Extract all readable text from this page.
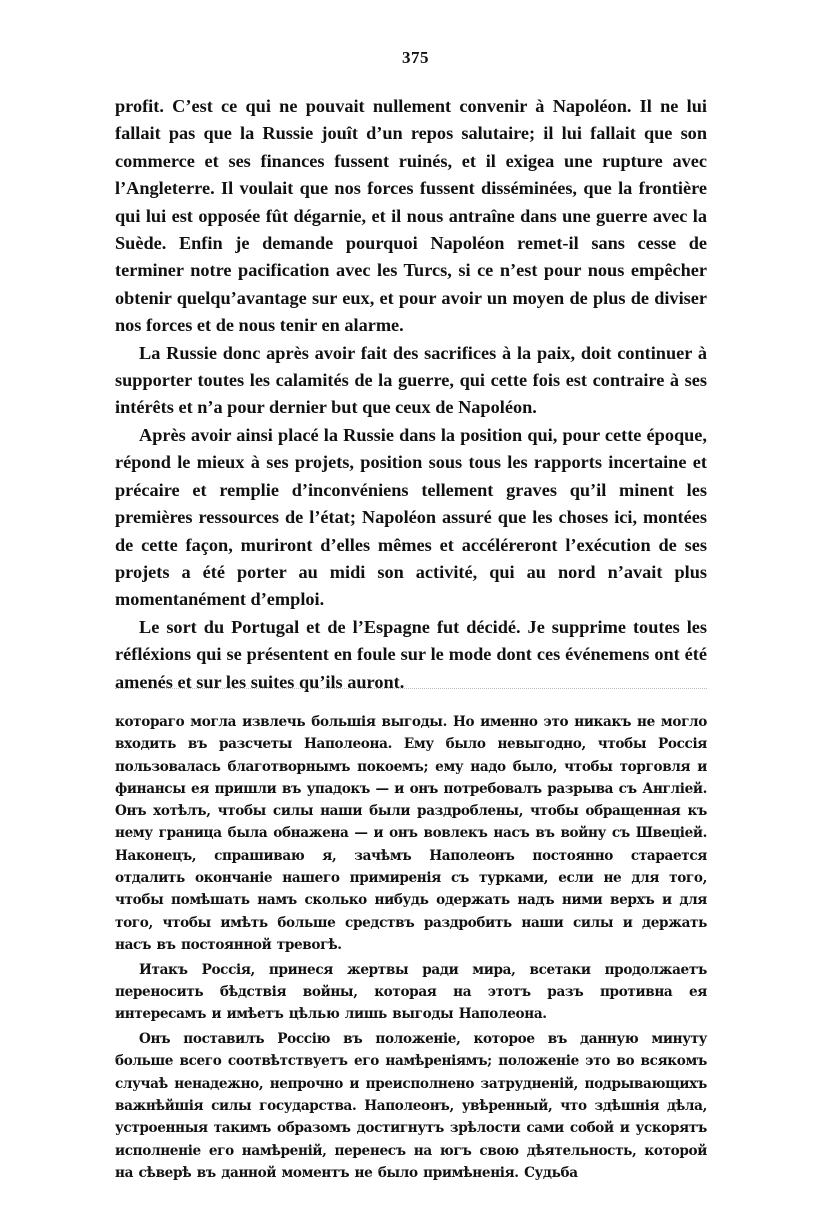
375

profit. C’est ce qui ne pouvait nullement convenir à Napoléon. Il ne lui fallait pas que la Russie jouît d’un repos salutaire; il lui fallait que son commerce et ses finances fussent ruinés, et il exigea une rupture avec l’Angleterre. Il voulait que nos forces fussent disséminées, que la frontière qui lui est opposée fût dégarnie, et il nous antraîne dans une guerre avec la Suède. Enfin je demande pourquoi Napoléon remet-il sans cesse de terminer notre pacification avec les Turcs, si ce n’est pour nous empêcher obtenir quelqu’avantage sur eux, et pour avoir un moyen de plus de diviser nos forces et de nous tenir en alarme.

La Russie donc après avoir fait des sacrifices à la paix, doit continuer à supporter toutes les calamités de la guerre, qui cette fois est contraire à ses intérêts et n’a pour dernier but que ceux de Napoléon.

Après avoir ainsi placé la Russie dans la position qui, pour cette époque, répond le mieux à ses projets, position sous tous les rapports incertaine et précaire et remplie d’inconvéniens tellement graves qu’il minent les premières ressources de l’état; Napoléon assuré que les choses ici, montées de cette façon, muriront d’elles mêmes et accéléreront l’exécution de ses projets a été porter au midi son activité, qui au nord n’avait plus momentanément d’emploi.

Le sort du Portugal et de l’Espagne fut décidé. Je supprime toutes les réfléxions qui se présentent en foule sur le mode dont ces événemens ont été amenés et sur les suites qu’ils auront.

котораго могла извлечь большія выгоды. Но именно это никакъ не могло входить въ разсчеты Наполеона. Ему было невыгодно, чтобы Россія пользовалась благотворнымъ покоемъ; ему надо было, чтобы торговля и финансы ея пришли въ упадокъ — и онъ потребовалъ разрыва съ Англіей. Онъ хотѣлъ, чтобы силы наши были раздроблены, чтобы обращенная къ нему граница была обнажена — и онъ вовлекъ насъ въ войну съ Швеціей. Наконецъ, спрашиваю я, зачѣмъ Наполеонъ постоянно старается отдалить окончаніе нашего примиренія съ турками, если не для того, чтобы помѣшать намъ сколько нибудь одержать надъ ними верхъ и для того, чтобы имѣть больше средствъ раздробить наши силы и держать насъ въ постоянной тревогѣ.

Итакъ Россія, принеся жертвы ради мира, всетаки продолжаетъ переносить бѣдствія войны, которая на этотъ разъ противна ея интересамъ и имѣетъ цѣлью лишь выгоды Наполеона.

Онъ поставилъ Россію въ положеніе, которое въ данную минуту больше всего соотвѣтствуетъ его намѣреніямъ; положеніе это во всякомъ случаѣ ненадежно, непрочно и преисполнено затрудненій, подрывающихъ важнѣйшія силы государства. Наполеонъ, увѣренный, что здѣшнія дѣла, устроенныя такимъ образомъ достигнутъ зрѣлости сами собой и ускорятъ исполненіе его намѣреній, перенесъ на югъ свою дѣятельность, которой на сѣверѣ въ данной моментъ не было примѣненія. Судьба
